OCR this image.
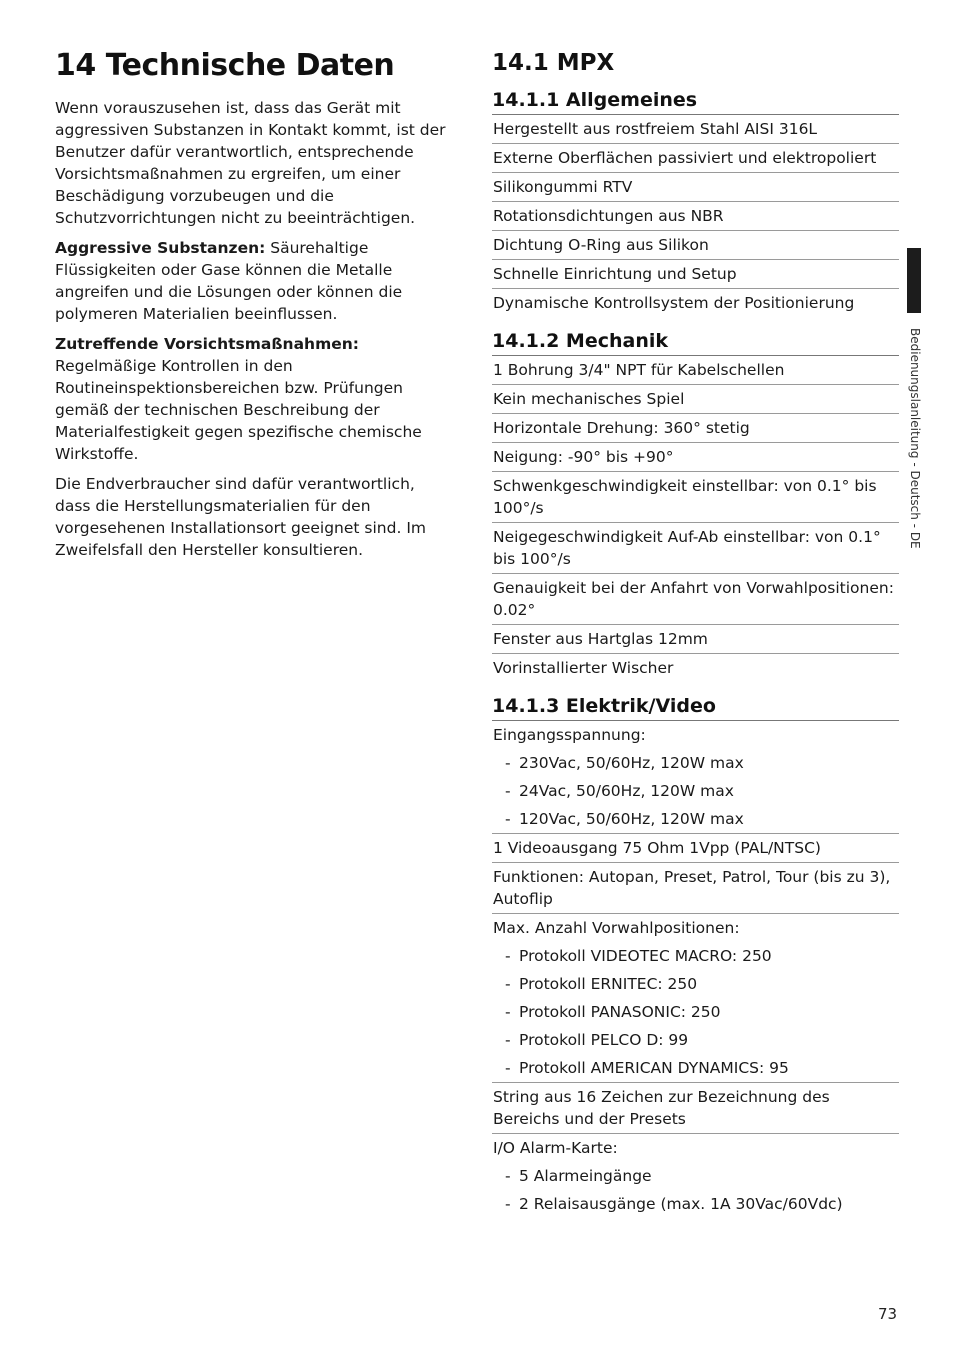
14 Technische Daten

Wenn vorauszusehen ist, dass das Gerät mit aggressiven Substanzen in Kontakt kommt, ist der Benutzer dafür verantwortlich, entsprechende Vorsichtsmaßnahmen zu ergreifen, um einer Beschädigung vorzubeugen und die Schutzvorrichtungen nicht zu beeinträchtigen.

Aggressive Substanzen: Säurehaltige Flüssigkeiten oder Gase können die Metalle angreifen und die Lösungen oder können die polymeren Materialien beeinflussen.

Zutreffende Vorsichtsmaßnahmen: Regelmäßige Kontrollen in den Routineinspektionsbereichen bzw. Prüfungen gemäß der technischen Beschreibung der Materialfestigkeit gegen spezifische chemische Wirkstoffe.

Die Endverbraucher sind dafür verantwortlich, dass die Herstellungsmaterialien für den vorgesehenen Installationsort geeignet sind. Im Zweifelsfall den Hersteller konsultieren.

14.1 MPX
14.1.1 Allgemeines
Hergestellt aus rostfreiem Stahl AISI 316L
Externe Oberflächen passiviert und elektropoliert
Silikongummi RTV
Rotationsdichtungen aus NBR
Dichtung O-Ring aus Silikon
Schnelle Einrichtung und Setup
Dynamische Kontrollsystem der Positionierung
14.1.2 Mechanik
1 Bohrung 3/4" NPT für Kabelschellen
Kein mechanisches Spiel
Horizontale Drehung: 360° stetig
Neigung: -90° bis +90°
Schwenkgeschwindigkeit einstellbar: von 0.1° bis 100°/s
Neigegeschwindigkeit Auf-Ab einstellbar: von 0.1° bis 100°/s
Genauigkeit bei der Anfahrt von Vorwahlpositionen: 0.02°
Fenster aus Hartglas 12mm
Vorinstallierter Wischer
14.1.3 Elektrik/Video
Eingangsspannung:
- 230Vac, 50/60Hz, 120W max
- 24Vac, 50/60Hz, 120W max
- 120Vac, 50/60Hz, 120W max
1 Videoausgang 75 Ohm 1Vpp (PAL/NTSC)
Funktionen: Autopan, Preset, Patrol, Tour (bis zu 3), Autoflip
Max. Anzahl Vorwahlpositionen:
- Protokoll VIDEOTEC MACRO: 250
- Protokoll ERNITEC: 250
- Protokoll PANASONIC: 250
- Protokoll PELCO D: 99
- Protokoll AMERICAN DYNAMICS: 95
String aus 16 Zeichen zur Bezeichnung des Bereichs und der Presets
I/O Alarm-Karte:
- 5 Alarmeingänge
- 2 Relaisausgänge (max. 1A 30Vac/60Vdc)
Bedienungslanleitung - Deutsch - DE
73
